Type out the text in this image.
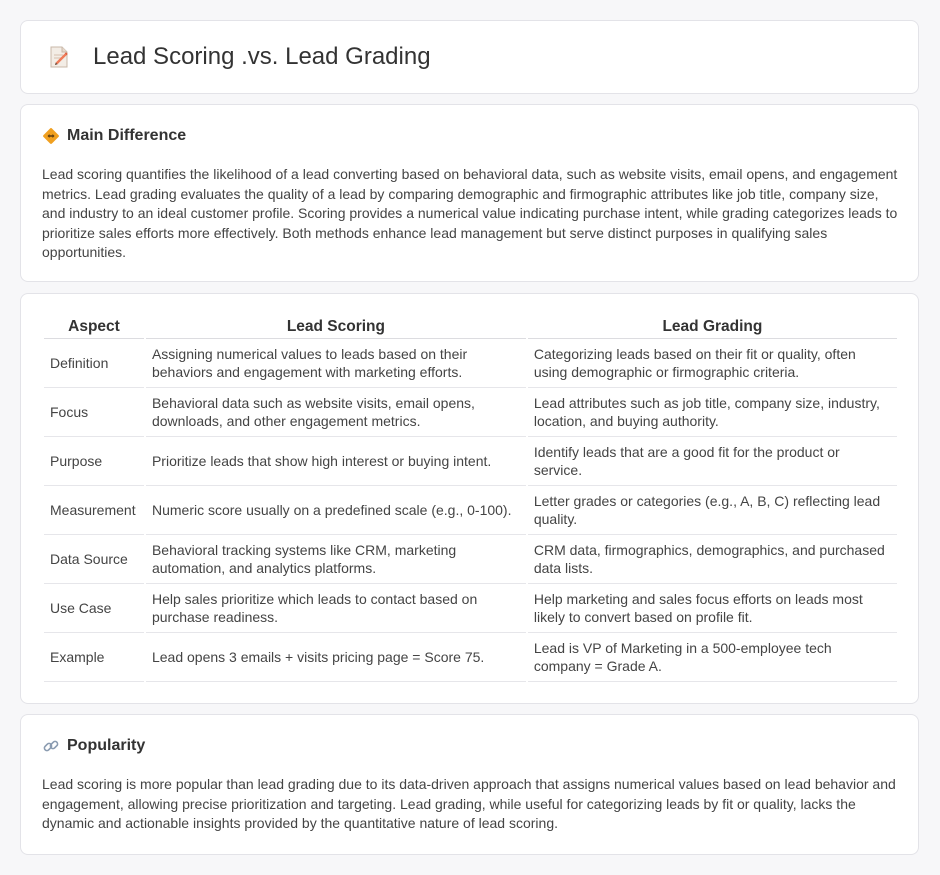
Lead Scoring .vs. Lead Grading
Main Difference

Lead scoring quantifies the likelihood of a lead converting based on behavioral data, such as website visits, email opens, and engagement metrics. Lead grading evaluates the quality of a lead by comparing demographic and firmographic attributes like job title, company size, and industry to an ideal customer profile. Scoring provides a numerical value indicating purchase intent, while grading categorizes leads to prioritize sales efforts more effectively. Both methods enhance lead management but serve distinct purposes in qualifying sales opportunities.

Aspect	Lead Scoring	Lead Grading
Definition	Assigning numerical values to leads based on their behaviors and engagement with marketing efforts.	Categorizing leads based on their fit or quality, often using demographic or firmographic criteria.
Focus	Behavioral data such as website visits, email opens, downloads, and other engagement metrics.	Lead attributes such as job title, company size, industry, location, and buying authority.
Purpose	Prioritize leads that show high interest or buying intent.	Identify leads that are a good fit for the product or service.
Measurement	Numeric score usually on a predefined scale (e.g., 0-100).	Letter grades or categories (e.g., A, B, C) reflecting lead quality.
Data Source	Behavioral tracking systems like CRM, marketing automation, and analytics platforms.	CRM data, firmographics, demographics, and purchased data lists.
Use Case	Help sales prioritize which leads to contact based on purchase readiness.	Help marketing and sales focus efforts on leads most likely to convert based on profile fit.
Example	Lead opens 3 emails + visits pricing page = Score 75.	Lead is VP of Marketing in a 500-employee tech company = Grade A.
Popularity

Lead scoring is more popular than lead grading due to its data-driven approach that assigns numerical values based on lead behavior and engagement, allowing precise prioritization and targeting. Lead grading, while useful for categorizing leads by fit or quality, lacks the dynamic and actionable insights provided by the quantitative nature of lead scoring.
